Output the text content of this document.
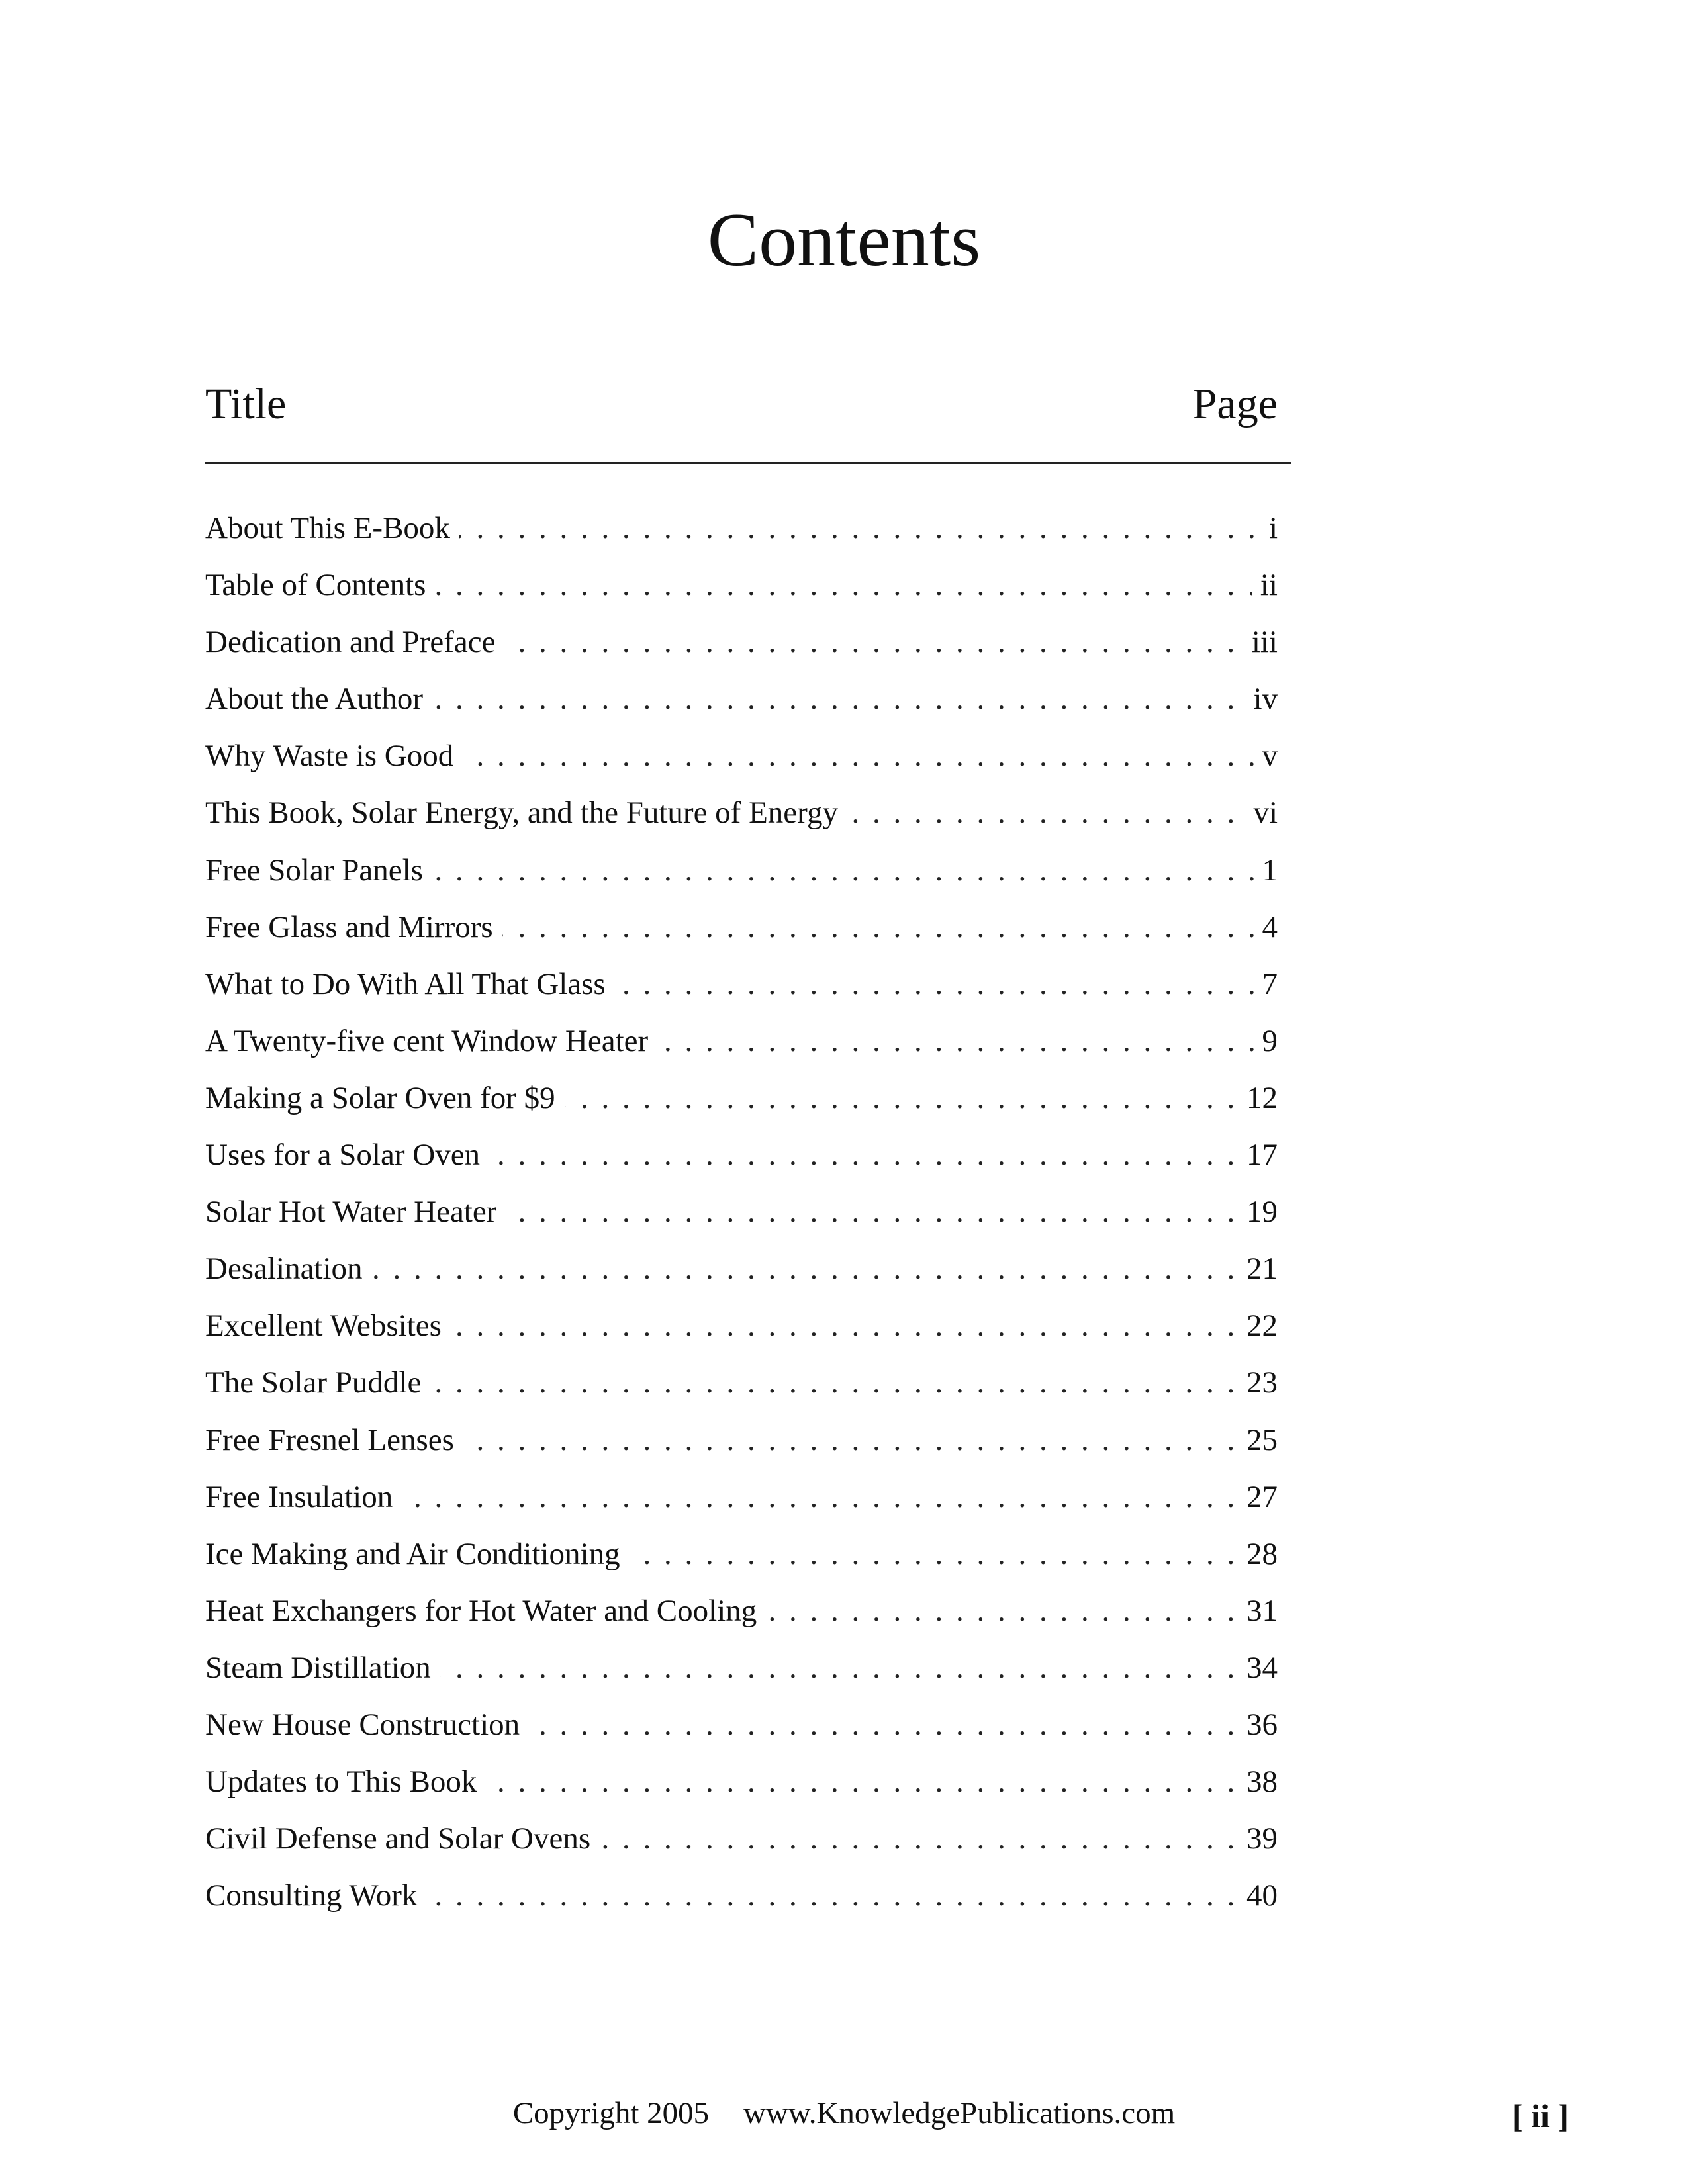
Contents
Title	Page
. . .
About This E-Book	i
. . .
Table of Contents	ii
. . .
Dedication and Preface	iii
. . .
About the Author	iv
. . .
Why Waste is Good	v
. . .
This Book, Solar Energy, and the Future of Energy	vi
. . .
Free Solar Panels	1
. . .
Free Glass and Mirrors	4
. . .
What to Do With All That Glass	7
. . .
A Twenty-five cent Window Heater	9
. . .
Making a Solar Oven for $9	12
. . .
Uses for a Solar Oven	17
. . .
Solar Hot Water Heater	19
. . .
Desalination	21
. . .
Excellent Websites	22
. . .
The Solar Puddle	23
. . .
Free Fresnel Lenses	25
. . .
Free Insulation	27
. . .
Ice Making and Air Conditioning	28
. . .
Heat Exchangers for Hot Water and Cooling	31
. . .
Steam Distillation	34
. . .
New House Construction	36
. . .
Updates to This Book	38
. . .
Civil Defense and Solar Ovens	39
. . .
Consulting Work	40
Copyright 2005 www.KnowledgePublications.com	[ ii ]
